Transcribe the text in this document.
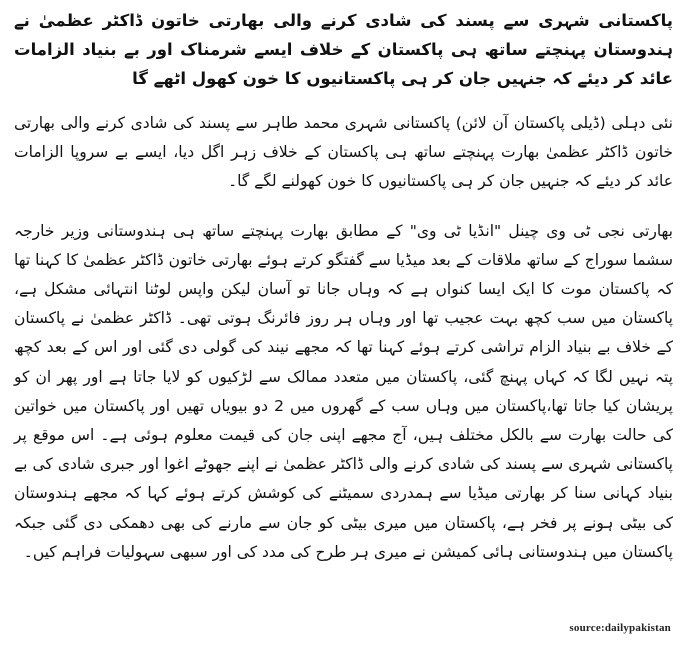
پاکستانی شہری سے پسند کی شادی کرنے والی بھارتی خاتون ڈاکٹر عظمیٰ نے ہندوستان پہنچتے ساتھ ہی پاکستان کے خلاف ایسے شرمناک اور بے بنیاد الزامات عائد کر دیئے کہ جنہیں جان کر ہی پاکستانیوں کا خون کھول اٹھے گا

نئی دہلی (ڈیلی پاکستان آن لائن) پاکستانی شہری محمد طاہر سے پسند کی شادی کرنے والی بھارتی خاتون ڈاکٹر عظمیٰ بھارت پہنچتے ساتھ ہی پاکستان کے خلاف زہر اگل دیا، ایسے بے سروپا الزامات عائد کر دیئے کہ جنہیں جان کر ہی پاکستانیوں کا خون کھولنے لگے گا۔

بھارتی نجی ٹی وی چینل "انڈیا ٹی وی" کے مطابق بھارت پہنچتے ساتھ ہی ہندوستانی وزیر خارجہ سشما سوراج کے ساتھ ملاقات کے بعد میڈیا سے گفتگو کرتے ہوئے بھارتی خاتون ڈاکٹر عظمیٰ کا کہنا تھا کہ پاکستان موت کا ایک ایسا کنواں ہے کہ وہاں جانا تو آسان لیکن واپس لوٹنا انتہائی مشکل ہے، پاکستان میں سب کچھ بہت عجیب تھا اور وہاں ہر روز فائرنگ ہوتی تھی۔ ڈاکٹر عظمیٰ نے پاکستان کے خلاف بے بنیاد الزام تراشی کرتے ہوئے کہنا تھا کہ مجھے نیند کی گولی دی گئی اور اس کے بعد کچھ پتہ نہیں لگا کہ کہاں پہنچ گئی، پاکستان میں متعدد ممالک سے لڑکیوں کو لایا جاتا ہے اور پھر ان کو پریشان کیا جاتا تھا،پاکستان میں وہاں سب کے گھروں میں 2 دو بیویاں تھیں اور پاکستان میں خواتین کی حالت بھارت سے بالکل مختلف ہیں، آج مجھے اپنی جان کی قیمت معلوم ہوئی ہے۔ اس موقع پر پاکستانی شہری سے پسند کی شادی کرنے والی ڈاکٹر عظمیٰ نے اپنے جھوٹے اغوا اور جبری شادی کی بے بنیاد کہانی سنا کر بھارتی میڈیا سے ہمدردی سمیٹنے کی کوشش کرتے ہوئے کہا کہ مجھے ہندوستان کی بیٹی ہونے پر فخر ہے، پاکستان میں میری بیٹی کو جان سے مارنے کی بھی دھمکی دی گئی جبکہ پاکستان میں ہندوستانی ہائی کمیشن نے میری ہر طرح کی مدد کی اور سبھی سہولیات فراہم کیں۔

source:dailypakistan
